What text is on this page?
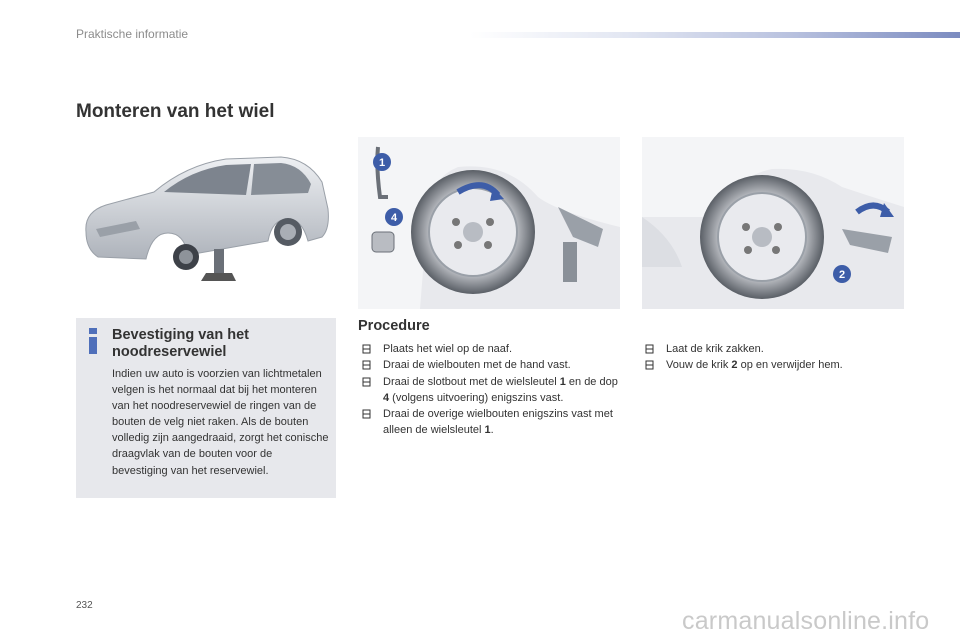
Praktische informatie
Monteren van het wiel
1
4
2
Bevestiging van het noodreservewiel
Indien uw auto is voorzien van lichtmetalen velgen is het normaal dat bij het monteren van het noodreservewiel de ringen van de bouten de velg niet raken. Als de bouten volledig zijn aangedraaid, zorgt het conische draagvlak van de bouten voor de bevestiging van het reservewiel.
Procedure
Plaats het wiel op de naaf.
Draai de wielbouten met de hand vast.
Draai de slotbout met de wielsleutel 1 en de dop 4 (volgens uitvoering) enigszins vast.
Draai de overige wielbouten enigszins vast met alleen de wielsleutel 1.
Laat de krik zakken.
Vouw de krik 2 op en verwijder hem.
232
carmanualsonline.info
